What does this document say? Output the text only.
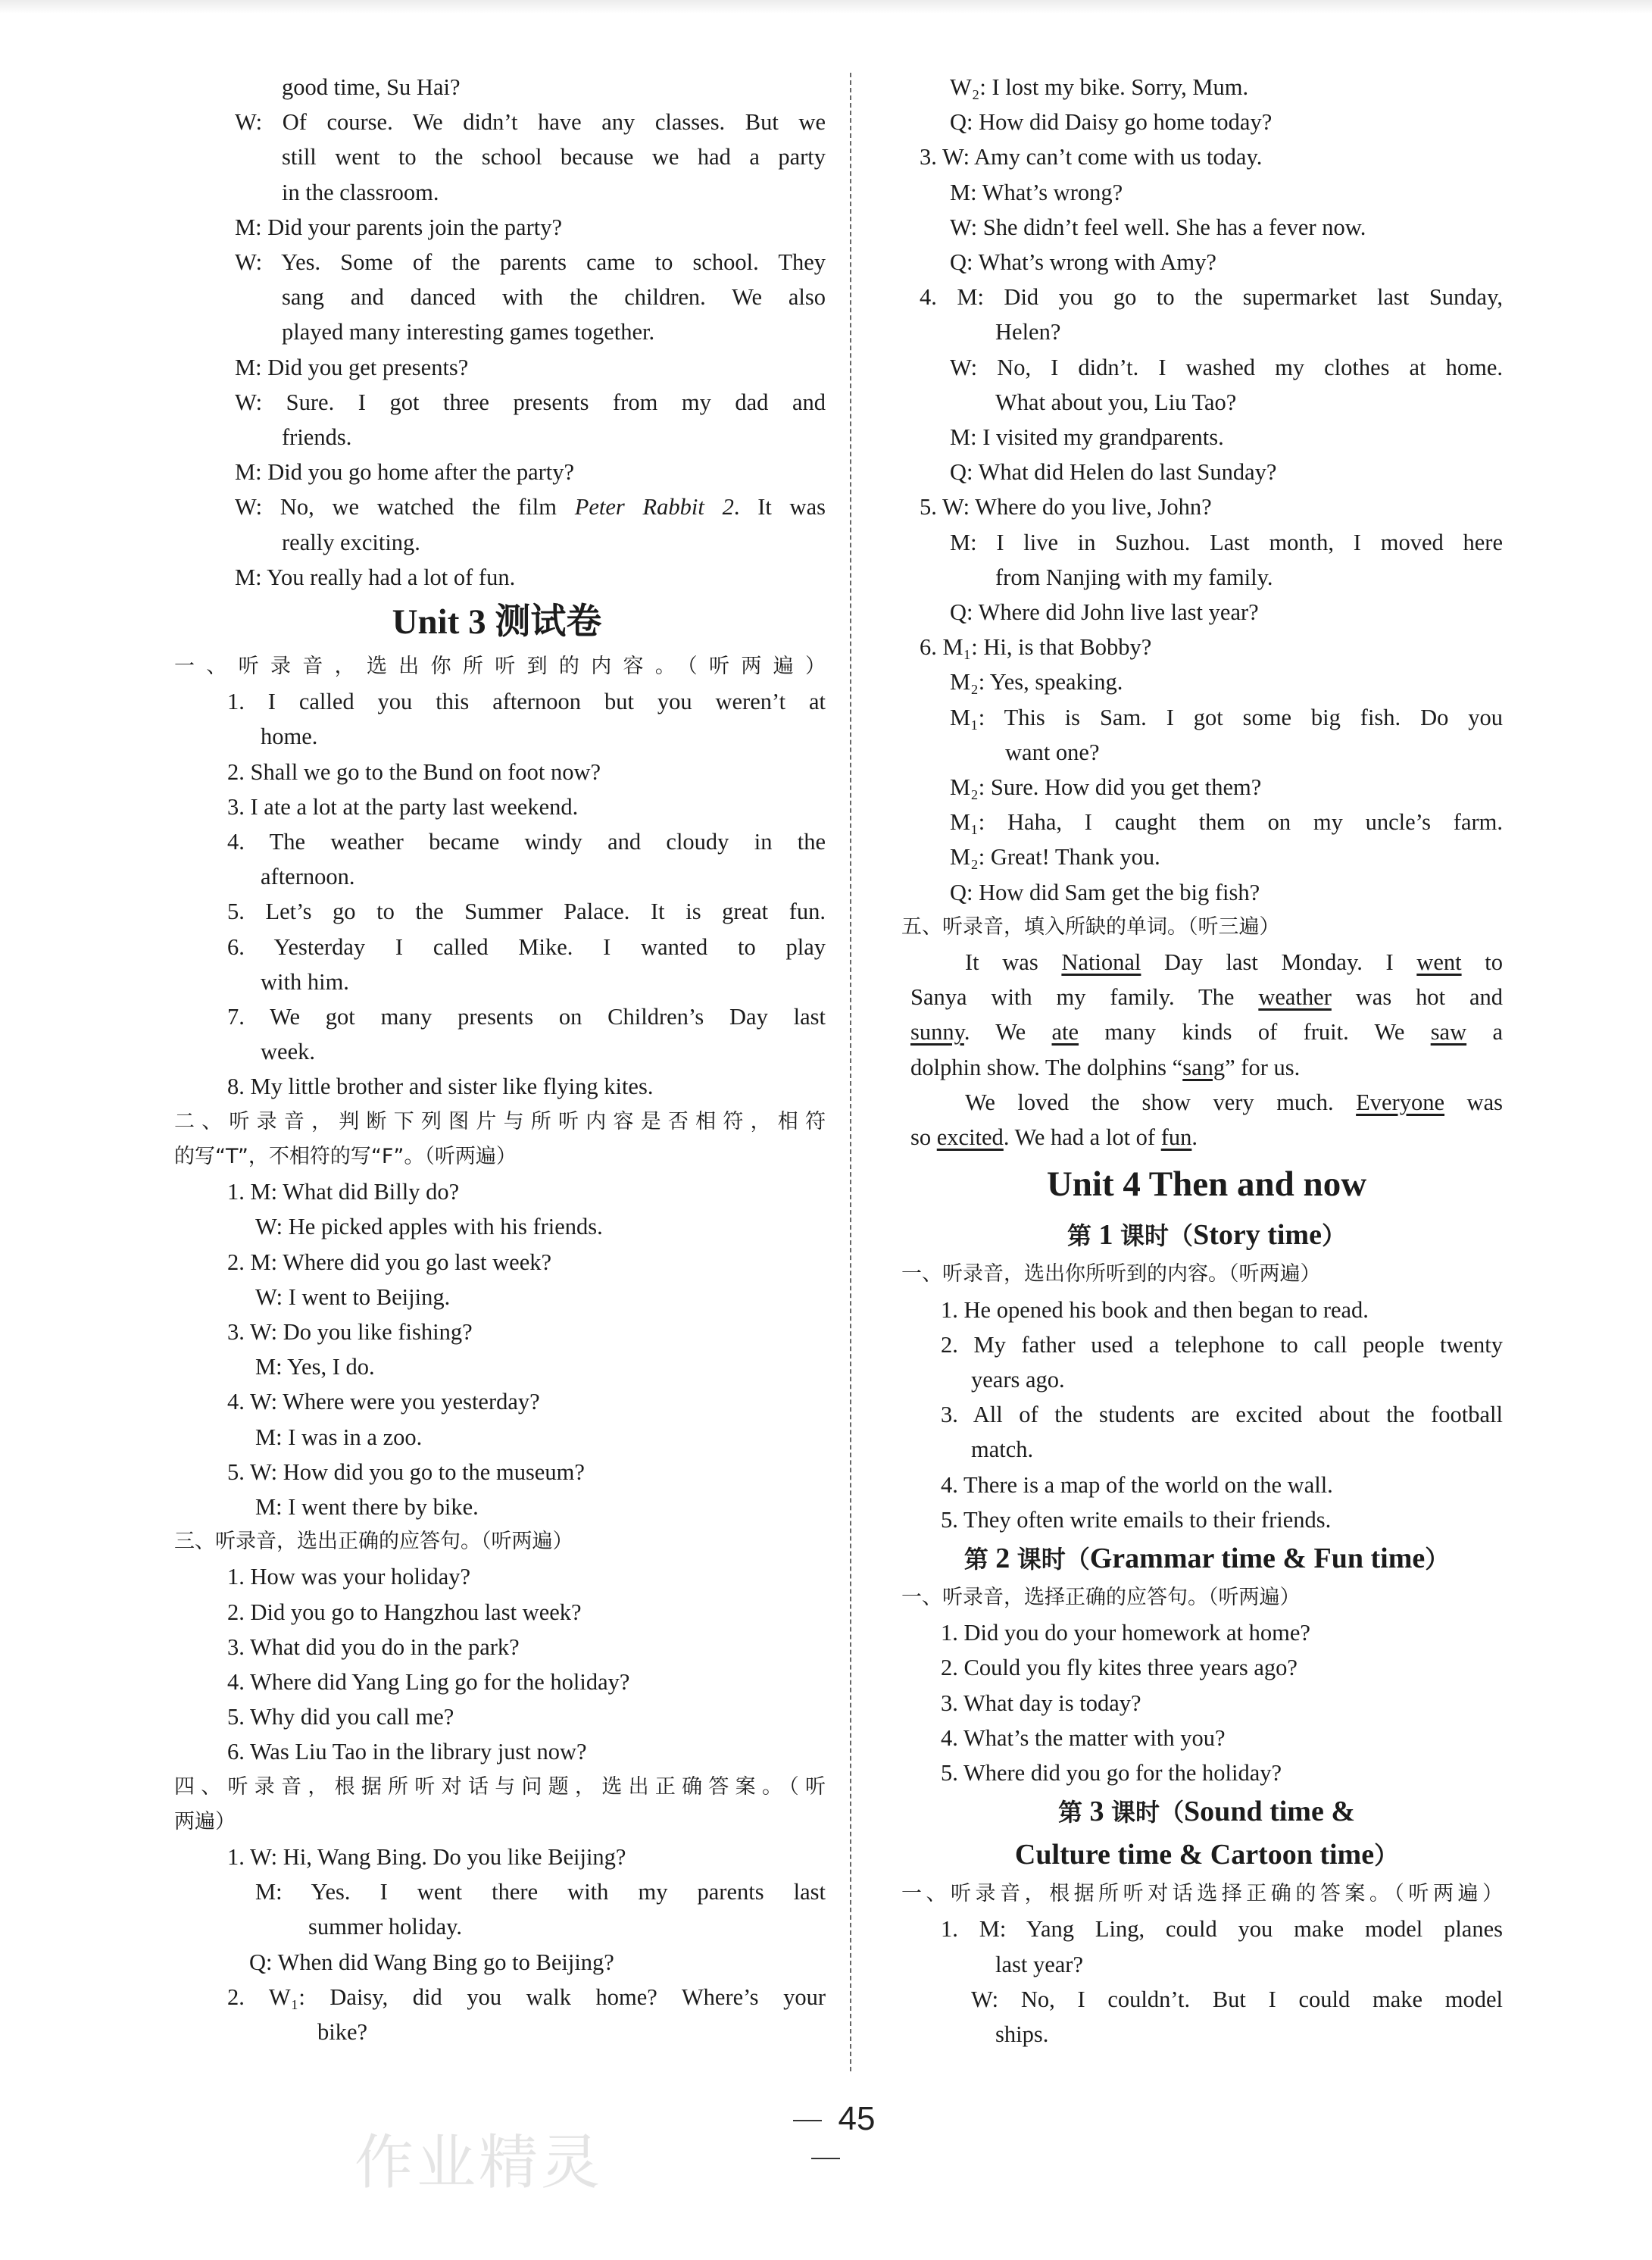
good time, Su Hai?
W: Of course. We didn’t have any classes. But we
still went to the school because we had a party
in the classroom.
M: Did your parents join the party?
W: Yes. Some of the parents came to school. They
sang and danced with the children. We also
played many interesting games together.
M: Did you get presents?
W: Sure. I got three presents from my dad and
friends.
M: Did you go home after the party?
W: No, we watched the film Peter Rabbit 2. It was
really exciting.
M: You really had a lot of fun.
Unit 3 测试卷
一、听录音，选出你所听到的内容。（听两遍）
1. I called you this afternoon but you weren’t at
home.
2. Shall we go to the Bund on foot now?
3. I ate a lot at the party last weekend.
4. The weather became windy and cloudy in the
afternoon.
5. Let’s go to the Summer Palace. It is great fun.
6. Yesterday I called Mike. I wanted to play
with him.
7. We got many presents on Children’s Day last
week.
8. My little brother and sister like flying kites.
二、听录音，判断下列图片与所听内容是否相符，相符
的写“T”，不相符的写“F”。（听两遍）
1. M: What did Billy do?
W: He picked apples with his friends.
2. M: Where did you go last week?
W: I went to Beijing.
3. W: Do you like fishing?
M: Yes, I do.
4. W: Where were you yesterday?
M: I was in a zoo.
5. W: How did you go to the museum?
M: I went there by bike.
三、听录音，选出正确的应答句。（听两遍）
1. How was your holiday?
2. Did you go to Hangzhou last week?
3. What did you do in the park?
4. Where did Yang Ling go for the holiday?
5. Why did you call me?
6. Was Liu Tao in the library just now?
四、听录音，根据所听对话与问题，选出正确答案。（听
两遍）
1. W: Hi, Wang Bing. Do you like Beijing?
M: Yes. I went there with my parents last
summer holiday.
Q: When did Wang Bing go to Beijing?
2. W₁: Daisy, did you walk home? Where’s your
bike?
W₂: I lost my bike. Sorry, Mum.
Q: How did Daisy go home today?
3. W: Amy can’t come with us today.
M: What’s wrong?
W: She didn’t feel well. She has a fever now.
Q: What’s wrong with Amy?
4. M: Did you go to the supermarket last Sunday,
Helen?
W: No, I didn’t. I washed my clothes at home.
What about you, Liu Tao?
M: I visited my grandparents.
Q: What did Helen do last Sunday?
5. W: Where do you live, John?
M: I live in Suzhou. Last month, I moved here
from Nanjing with my family.
Q: Where did John live last year?
6. M₁: Hi, is that Bobby?
M₂: Yes, speaking.
M₁: This is Sam. I got some big fish. Do you
want one?
M₂: Sure. How did you get them?
M₁: Haha, I caught them on my uncle’s farm.
M₂: Great! Thank you.
Q: How did Sam get the big fish?
五、听录音，填入所缺的单词。（听三遍）
It was National Day last Monday. I went to
Sanya with my family. The weather was hot and
sunny. We ate many kinds of fruit. We saw a
dolphin show. The dolphins “sang” for us.
We loved the show very much. Everyone was
so excited. We had a lot of fun.
Unit 4 Then and now
第 1 课时（Story time）
一、听录音，选出你所听到的内容。（听两遍）
1. He opened his book and then began to read.
2. My father used a telephone to call people twenty
years ago.
3. All of the students are excited about the football
match.
4. There is a map of the world on the wall.
5. They often write emails to their friends.
第 2 课时（Grammar time & Fun time）
一、听录音，选择正确的应答句。（听两遍）
1. Did you do your homework at home?
2. Could you fly kites three years ago?
3. What day is today?
4. What’s the matter with you?
5. Where did you go for the holiday?
第 3 课时（Sound time &
Culture time & Cartoon time）
一、听录音，根据所听对话选择正确的答案。（听两遍）
1. M: Yang Ling, could you make model planes
last year?
W: No, I couldn’t. But I could make model
ships.
45
作业精灵
